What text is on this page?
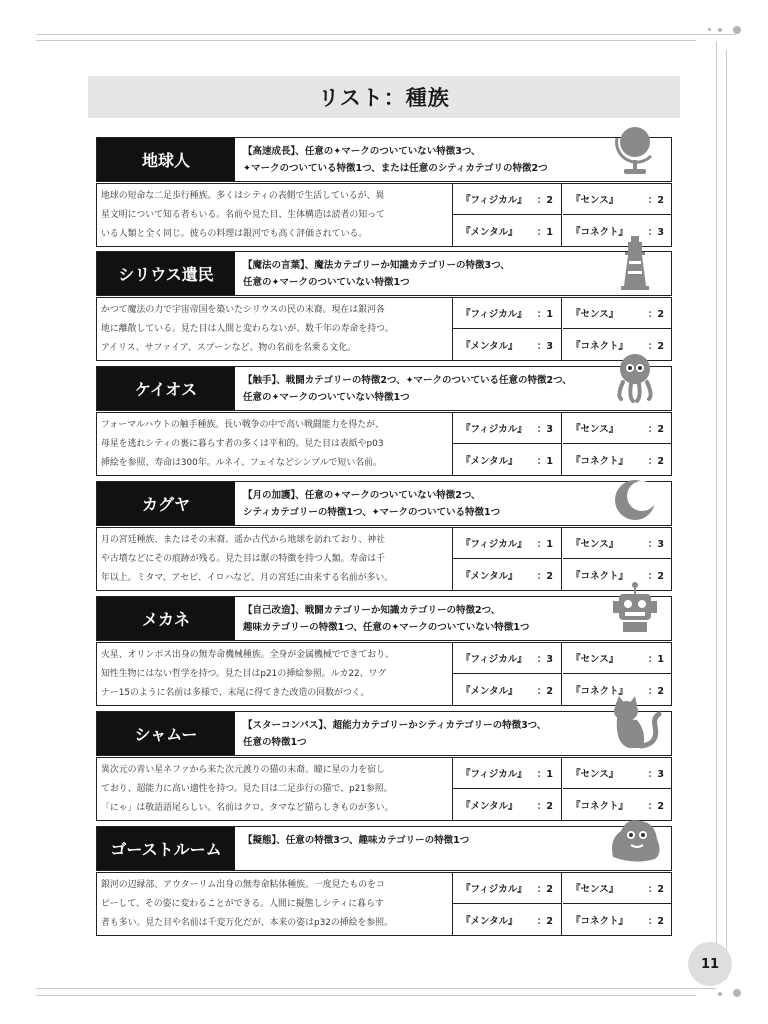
リスト：種族
地球人	【高速成長】、任意の✦マークのついていない特徴3つ、
✦マークのついている特徴1つ、または任意のシティカテゴリの特徴2つ
地球の短命な二足歩行種族。多くはシティの表側で生活しているが、異
星文明について知る者もいる。名前や見た目、生体構造は読者の知って
いる人類と全く同じ。彼らの料理は銀河でも高く評価されている。
『フィジカル』 ：2 『センス』	：2
『メンタル』 ：1 『コネクト』 ：3
シリウス遺民	【魔法の言葉】、魔法カテゴリーか知識カテゴリーの特徴3つ、
任意の✦マークのついていない特徴1つ
かつて魔法の力で宇宙帝国を築いたシリウスの民の末裔。現在は銀河各
地に離散している。見た目は人間と変わらないが、数千年の寿命を持つ。
アイリス、サファイア、スプーンなど、物の名前を名乗る文化。
『フィジカル』 ：1 『センス』	：2
『メンタル』 ：3 『コネクト』 ：2
ケイオス	【触手】、戦闘カテゴリーの特徴2つ、✦マークのついている任意の特徴2つ、
任意の✦マークのついていない特徴1つ
フォーマルハウトの触手種族。長い戦争の中で高い戦闘能力を得たが、
母星を逃れシティの裏に暮らす者の多くは平和的。見た目は表紙やp03
挿絵を参照、寿命は300年。ルネイ、フェイなどシンプルで短い名前。
『フィジカル』 ：3 『センス』	：2
『メンタル』 ：1 『コネクト』 ：2
カグヤ	【月の加護】、任意の✦マークのついていない特徴2つ、
シティカテゴリーの特徴1つ、✦マークのついている特徴1つ
月の宮廷種族、またはその末裔。遥か古代から地球を訪れており、神社
や古墳などにその痕跡が残る。見た目は獣の特徴を持つ人類。寿命は千
年以上。ミタマ、アセビ、イロハなど、月の宮廷に由来する名前が多い。
『フィジカル』 ：1 『センス』	：3
『メンタル』 ：2 『コネクト』 ：2
メカネ	【自己改造】、戦闘カテゴリーか知識カテゴリーの特徴2つ、
趣味カテゴリーの特徴1つ、任意の✦マークのついていない特徴1つ
火星、オリンポス出身の無寿命機械種族。全身が金属機械でできており、
知性生物にはない哲学を持つ。見た目はp21の挿絵参照。ルカ22、ワグ
ナー15のように名前は多様で、末尾に得てきた改造の回数がつく。
『フィジカル』 ：3 『センス』	：1
『メンタル』 ：2 『コネクト』 ：2
シャムー	【スターコンパス】、超能力カテゴリーかシティカテゴリーの特徴3つ、
任意の特徴1つ
異次元の青い星ネファから来た次元渡りの猫の末裔。瞳に星の力を宿し
ており、超能力に高い適性を持つ。見た目は二足歩行の猫で、p21参照。
「にゃ」は敬語語尾らしい。名前はクロ、タマなど猫らしきものが多い。
『フィジカル』 ：1 『センス』	：3
『メンタル』 ：2 『コネクト』 ：2
ゴーストルーム	【擬態】、任意の特徴3つ、趣味カテゴリーの特徴1つ
銀河の辺縁部、アウターリム出身の無寿命粘体種族。一度見たものをコ
ピーして、その姿に変わることができる。人間に擬態しシティに暮らす
者も多い。見た目や名前は千変万化だが、本来の姿はp32の挿絵を参照。
『フィジカル』 ：2 『センス』	：2
『メンタル』 ：2 『コネクト』 ：2
11
